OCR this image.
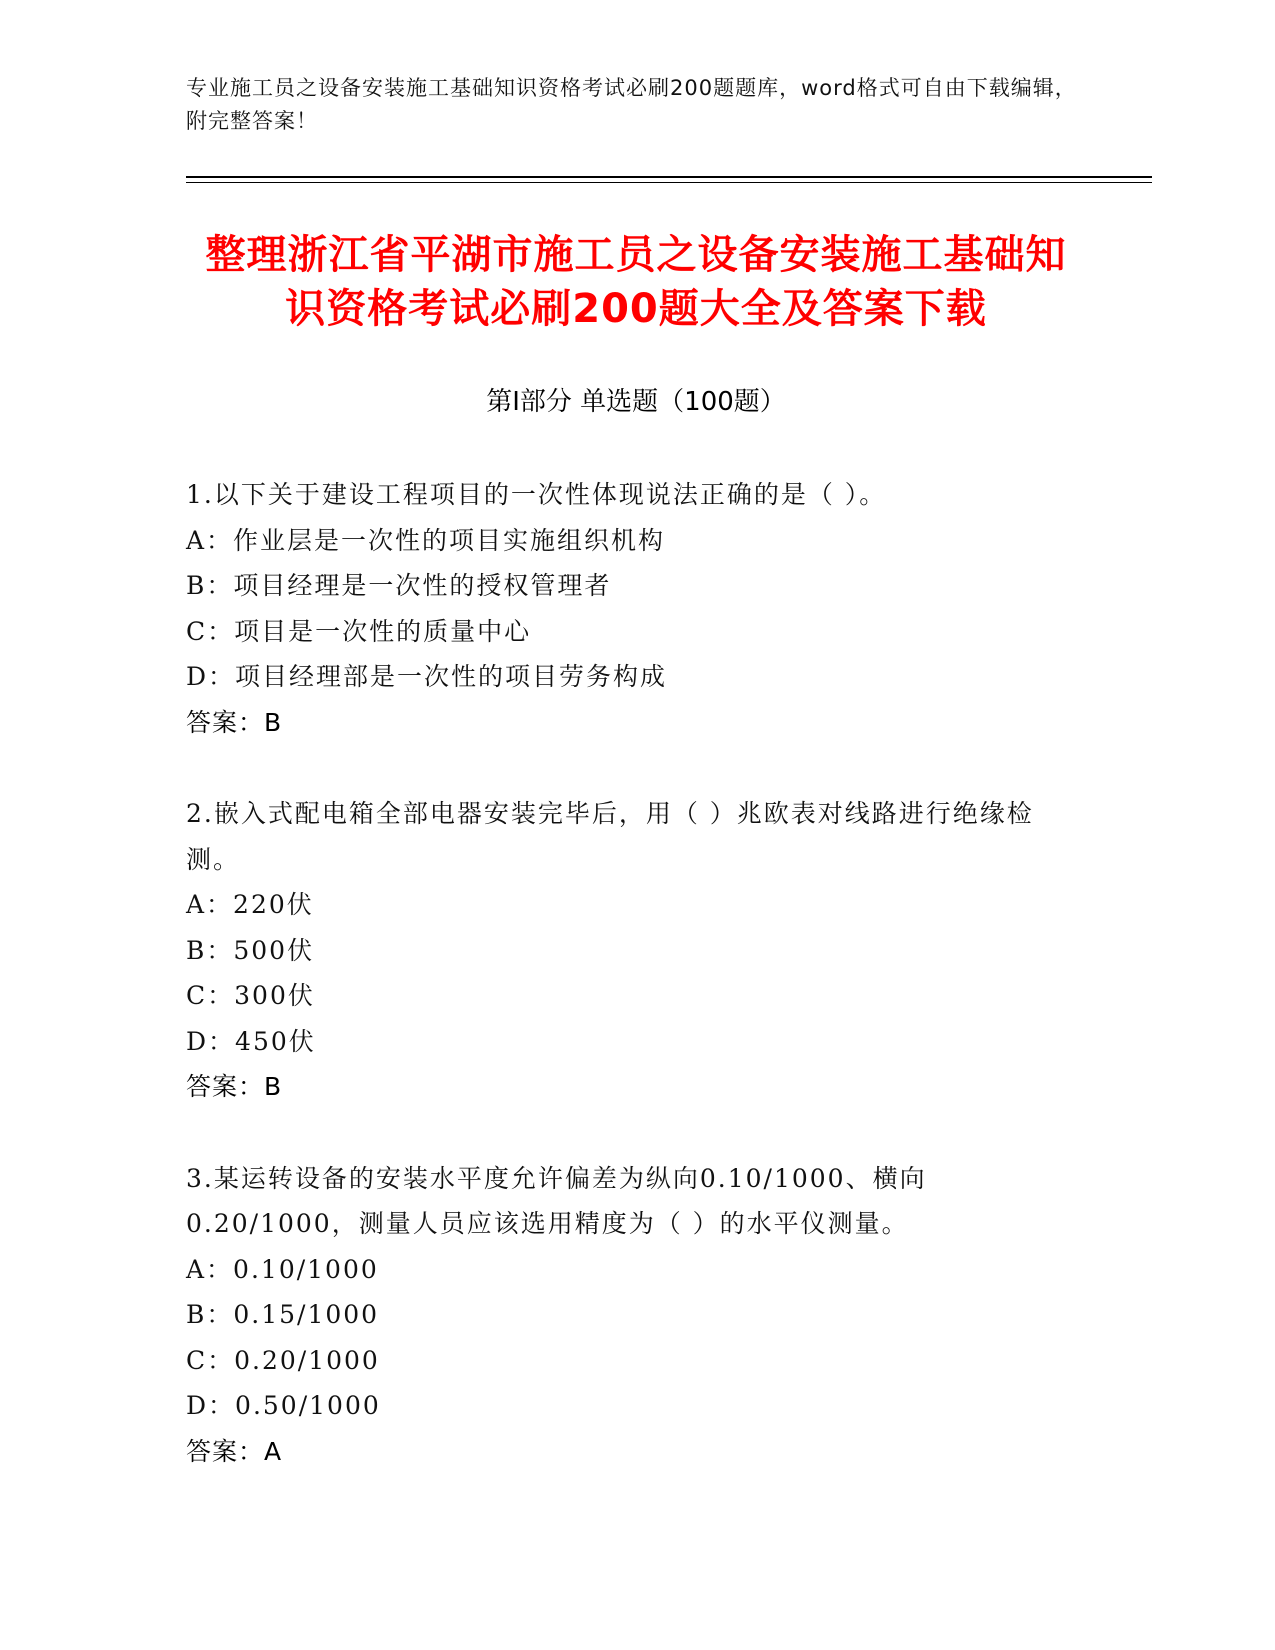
专业施工员之设备安装施工基础知识资格考试必刷200题题库，word格式可自由下载编辑，附完整答案！
整理浙江省平湖市施工员之设备安装施工基础知识资格考试必刷200题大全及答案下载
第I部分 单选题（100题）
1.以下关于建设工程项目的一次性体现说法正确的是（ ）。
A：作业层是一次性的项目实施组织机构
B：项目经理是一次性的授权管理者
C：项目是一次性的质量中心
D：项目经理部是一次性的项目劳务构成
答案：B
2.嵌入式配电箱全部电器安装完毕后，用（ ）兆欧表对线路进行绝缘检测。
A：220伏
B：500伏
C：300伏
D：450伏
答案：B
3.某运转设备的安装水平度允许偏差为纵向0.10/1000、横向0.20/1000，测量人员应该选用精度为（ ）的水平仪测量。
A：0.10/1000
B：0.15/1000
C：0.20/1000
D：0.50/1000
答案：A
